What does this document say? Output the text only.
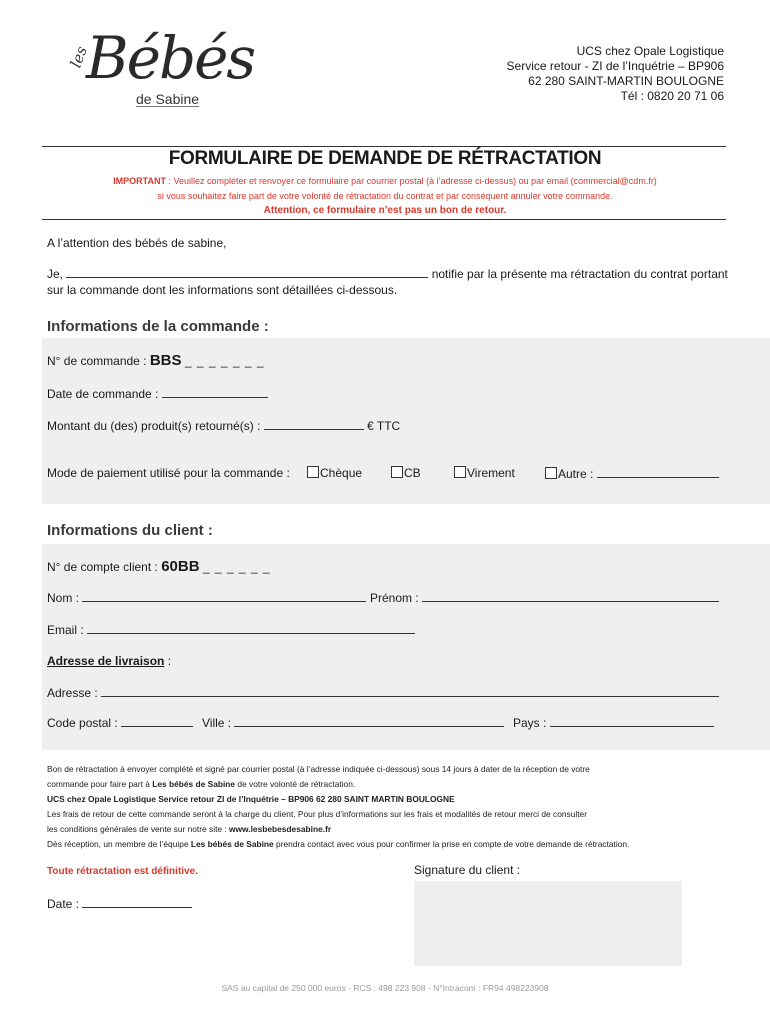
les
Bébés
de Sabine
UCS chez Opale Logistique
Service retour - ZI de l’Inquétrie – BP906
62 280 SAINT-MARTIN BOULOGNE
Tél : 0820 20 71 06
FORMULAIRE DE DEMANDE DE RÉTRACTATION
IMPORTANT : Veuillez compléter et renvoyer ce formulaire par courrier postal (à l’adresse ci-dessus) ou par email (commercial@cdm.fr)
si vous souhaitez faire part de votre volonté de rétractation du contrat et par conséquent annuler votre commande.
Attention, ce formulaire n’est pas un bon de retour.
A l’attention des bébés de sabine,
Je,	notifie par la présente ma rétractation du contrat portant
sur la commande dont les informations sont détaillées ci-dessous.
Informations de la commande :
N° de commande : BBS _ _ _ _ _ _ _
Date de commande :
Montant du (des) produit(s) retourné(s) :	€ TTC
Mode de paiement utilisé pour la commande :	Chèque	CB	Virement	Autre :
Informations du client :
N° de compte client : 60BB _ _ _ _ _ _
Nom :	Prénom :
Email :
Adresse de livraison :
Adresse :
Code postal :	Ville :	Pays :
Bon de rétractation à envoyer complété et signé par courrier postal (à l’adresse indiquée ci-dessous) sous 14 jours à dater de la réception de votre
commande pour faire part à Les bébés de Sabine de votre volonté de rétractation.
UCS chez Opale Logistique Service retour ZI de l’Inquétrie – BP906 62 280 SAINT MARTIN BOULOGNE
Les frais de retour de cette commande seront à la charge du client. Pour plus d’informations sur les frais et modalités de retour merci de consulter
les conditions générales de vente sur notre site : www.lesbebesdesabine.fr
Dès réception, un membre de l’équipe Les bébés de Sabine prendra contact avec vous pour confirmer la prise en compte de votre demande de rétractation.
Toute rétractation est définitive.	Signature du client :
Date :
SAS au capital de 250 000 euros - RCS : 498 223 908 - N°Intracom : FR94 498223908
